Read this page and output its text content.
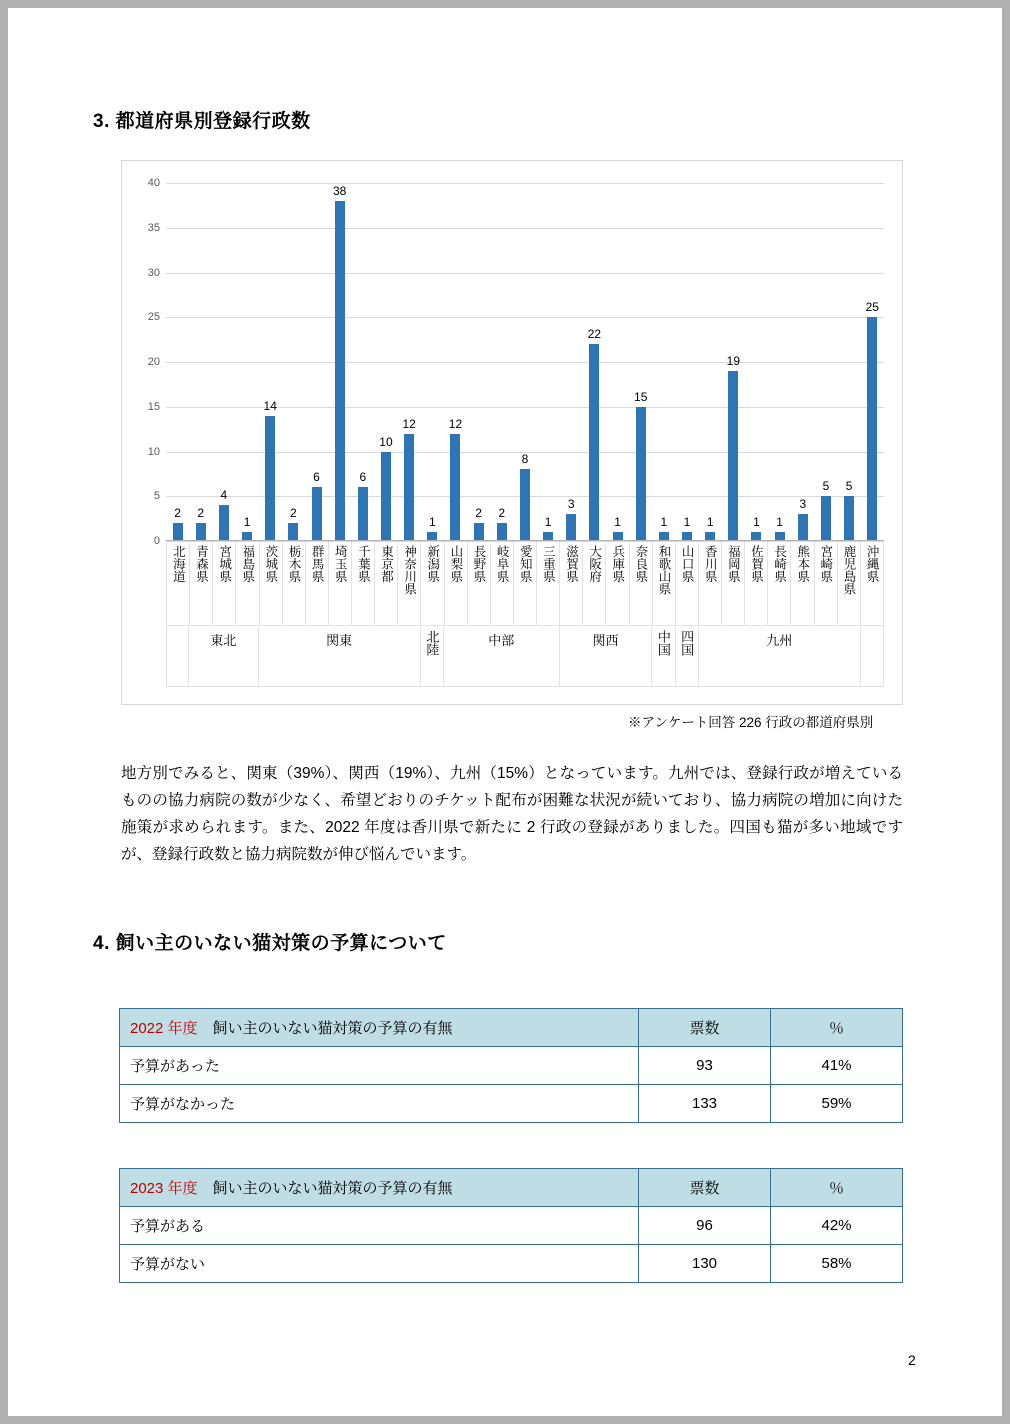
3. 都道府県別登録行政数
0
5
10
15
20
25
30
35
40
2 2
4
1
14
2
6
38
6
10
12
1
12
2 2
8
1
3
22
1
15
1 1 1
19
1 1
3
5 5
25
北海道 青森県 宮城県 福島県 茨城県 栃木県 群馬県 埼玉県 千葉県 東京都 神奈川県 新潟県 山梨県 長野県 岐阜県 愛知県 三重県 滋賀県 大阪府 兵庫県 奈良県 和歌山県 山口県 香川県 福岡県 佐賀県 長崎県 熊本県 宮崎県 鹿児島県 沖縄県
東北	関東	北陸	中部	関西	中国 四国	九州
※アンケート回答 226 行政の都道府県別
地方別でみると、関東（39%）、関西（19%）、九州（15%）となっています。九州では、登録行政が増えているものの協力病院の数が少なく、希望どおりのチケット配布が困難な状況が続いており、協力病院の増加に向けた施策が求められます。また、2022 年度は香川県で新たに 2 行政の登録がありました。四国も猫が多い地域ですが、登録行政数と協力病院数が伸び悩んでいます。
4. 飼い主のいない猫対策の予算について
2022 年度　飼い主のいない猫対策の予算の有無	票数	％
予算があった	93	41%
予算がなかった	133	59%
2023 年度　飼い主のいない猫対策の予算の有無	票数	％
予算がある	96	42%
予算がない	130	58%
2
